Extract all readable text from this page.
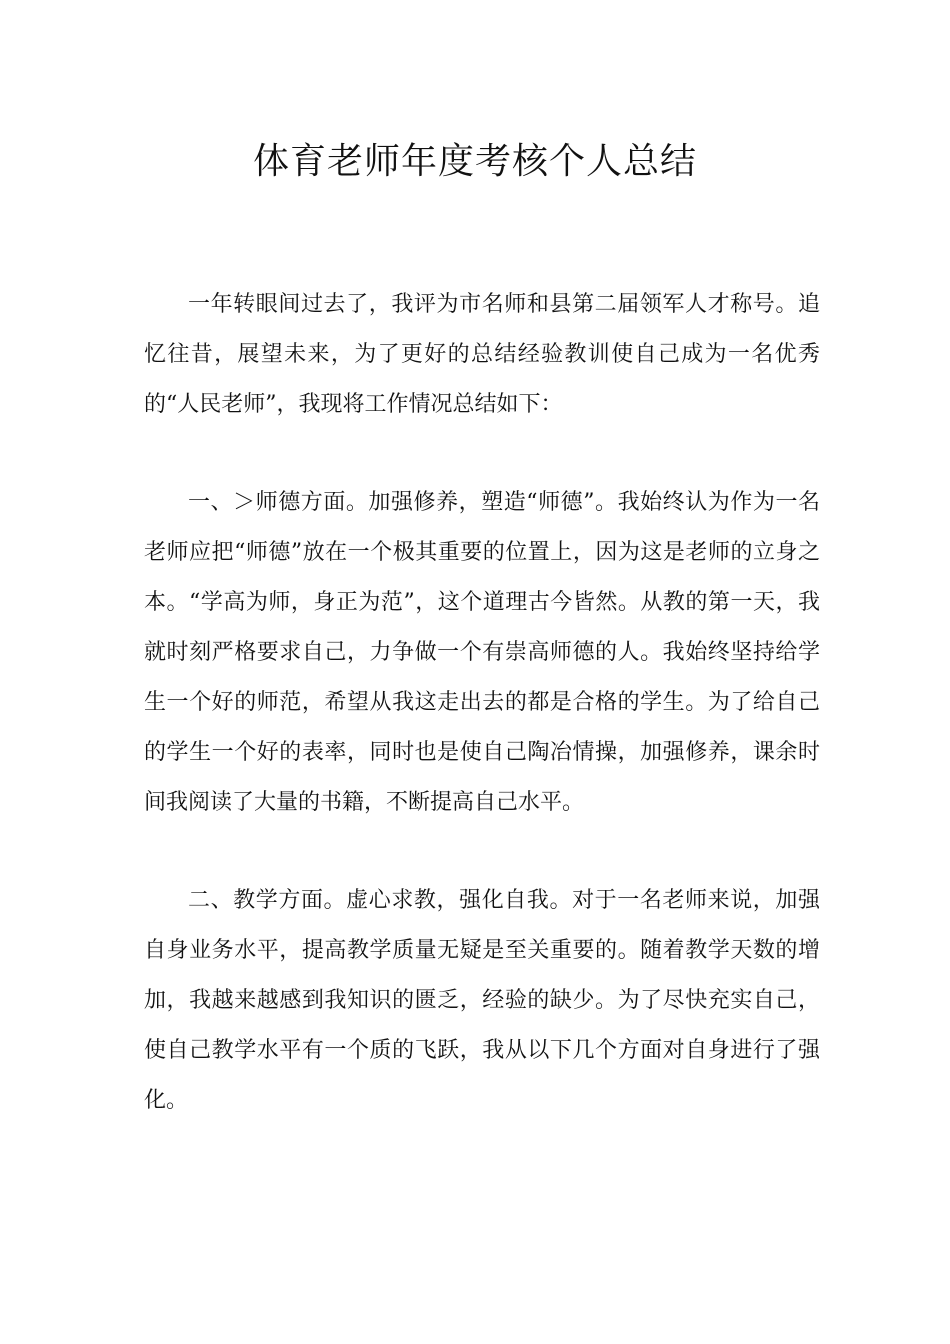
体育老师年度考核个人总结

一年转眼间过去了，我评为市名师和县第二届领军人才称号。追忆往昔，展望未来，为了更好的总结经验教训使自己成为一名优秀的“人民老师”，我现将工作情况总结如下：

一、＞师德方面。加强修养，塑造“师德”。我始终认为作为一名老师应把“师德”放在一个极其重要的位置上，因为这是老师的立身之本。“学高为师，身正为范”，这个道理古今皆然。从教的第一天，我就时刻严格要求自己，力争做一个有崇高师德的人。我始终坚持给学生一个好的师范，希望从我这走出去的都是合格的学生。为了给自己的学生一个好的表率，同时也是使自己陶冶情操，加强修养，课余时间我阅读了大量的书籍，不断提高自己水平。

二、教学方面。虚心求教，强化自我。对于一名老师来说，加强自身业务水平，提高教学质量无疑是至关重要的。随着教学天数的增加，我越来越感到我知识的匮乏，经验的缺少。为了尽快充实自己，使自己教学水平有一个质的飞跃，我从以下几个方面对自身进行了强化。
